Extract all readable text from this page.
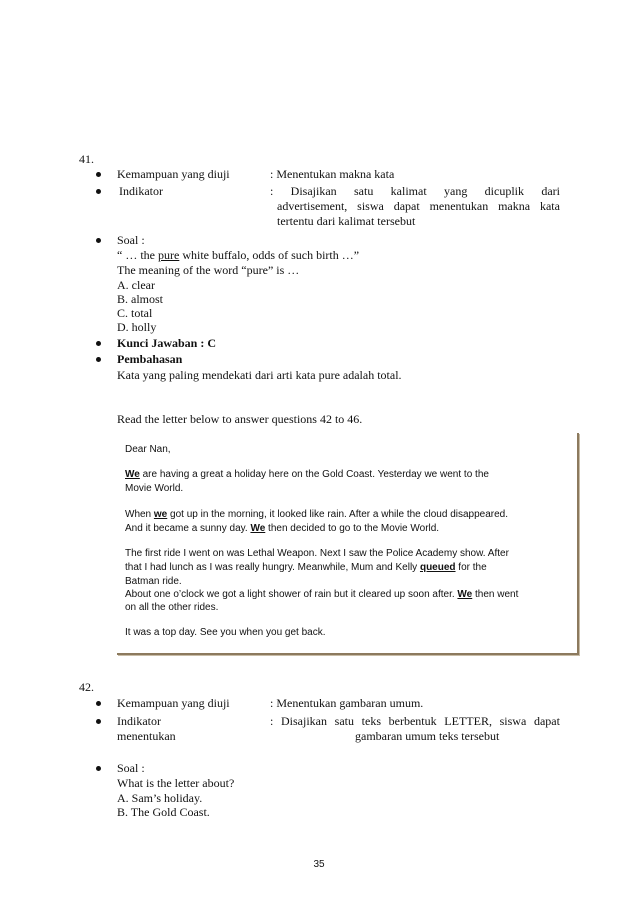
41.
Kemampuan yang diuji	: Menentukan makna kata
Indikator	: Disajikan satu kalimat yang dicuplik dari
advertisement, siswa dapat menentukan makna kata
tertentu dari kalimat tersebut
Soal :
“ … the pure white buffalo, odds of such birth …”
The meaning of the word “pure” is …
A. clear
B. almost
C. total
D. holly
Kunci Jawaban : C
Pembahasan
Kata yang paling mendekati dari arti kata pure adalah total.
Read the letter below to answer questions 42 to 46.
Dear Nan,
We are having a great a holiday here on the Gold Coast. Yesterday we went to the
Movie World.
When we got up in the morning, it looked like rain. After a while the cloud disappeared.
And it became a sunny day. We then decided to go to the Movie World.
The first ride I went on was Lethal Weapon. Next I saw the Police Academy show. After
that I had lunch as I was really hungry. Meanwhile, Mum and Kelly queued for the
Batman ride.
About one o’clock we got a light shower of rain but it cleared up soon after. We then went
on all the other rides.
It was a top day. See you when you get back.
42.
Kemampuan yang diuji	: Menentukan gambaran umum.
Indikator	: Disajikan satu teks berbentuk LETTER, siswa dapat
menentukan	gambaran umum teks tersebut
Soal :
What is the letter about?
A. Sam’s holiday.
B. The Gold Coast.
35
